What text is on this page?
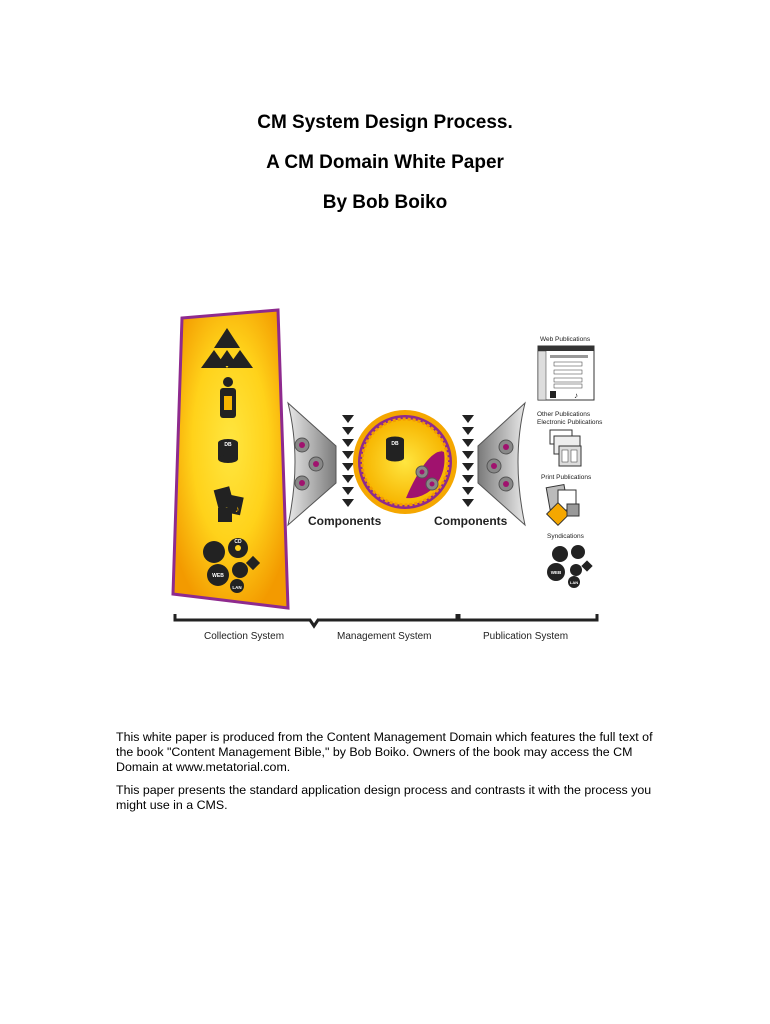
CM System Design Process.
A CM Domain White Paper
By Bob Boiko
DB
♪
CD
WEB
LAN
DB
Components	Components
Web Publications
♪
Other Publications
Electronic Publications
Print Publications
Syndications
WEB
LAN
Collection System	Management System	Publication System

This white paper is produced from the Content Management Domain which features the full text of the book "Content Management Bible," by Bob Boiko. Owners of the book may access the CM Domain at www.metatorial.com.

This paper presents the standard application design process and contrasts it with the process you might use in a CMS.
